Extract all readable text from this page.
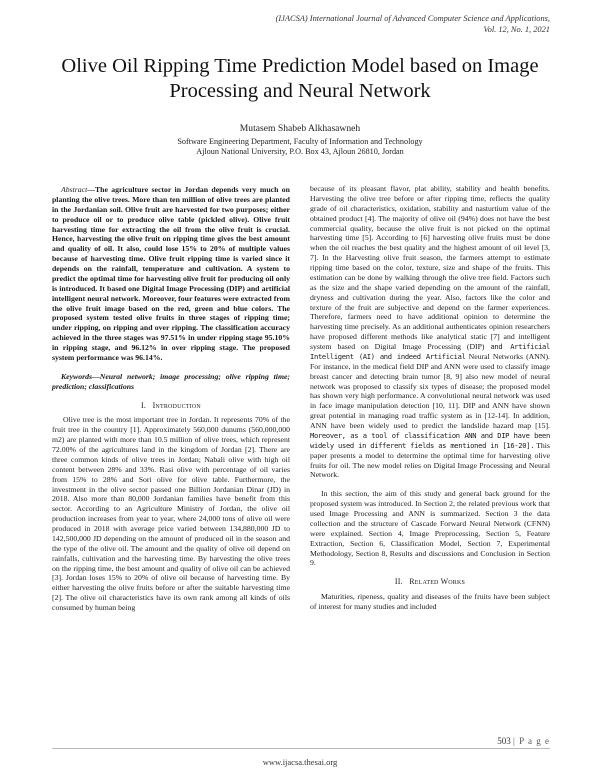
(IJACSA) International Journal of Advanced Computer Science and Applications,
Vol. 12, No. 1, 2021
Olive Oil Ripping Time Prediction Model based on Image Processing and Neural Network
Mutasem Shabeb Alkhasawneh
Software Engineering Department, Faculty of Information and Technology
Ajloun National University, P.O. Box 43, Ajloun 26810, Jordan

Abstract—The agriculture sector in Jordan depends very much on planting the olive trees. More than ten million of olive trees are planted in the Jordanian soil. Olive fruit are harvested for two purposes; either to produce oil or to produce olive table (pickled olive). Olive fruit harvesting time for extracting the oil from the olive fruit is crucial. Hence, harvesting the olive fruit on ripping time gives the best amount and quality of oil. It also, could lose 15% to 20% of multiple values because of harvesting time. Olive fruit ripping time is varied since it depends on the rainfall, temperature and cultivation. A system to predict the optimal time for harvesting olive fruit for producing oil only is introduced. It based one Digital Image Processing (DIP) and artificial intelligent neural network. Moreover, four features were extracted from the olive fruit image based on the red, green and blue colors. The proposed system tested olive fruits in three stages of ripping time; under ripping, on ripping and over ripping. The classification accuracy achieved in the three stages was 97.51% in under ripping stage 95.10% in ripping stage, and 96.12% in over ripping stage. The proposed system performance was 96.14%.

Keywords—Neural network; image processing; olive ripping time; prediction; classifications

I. Introduction

Olive tree is the most important tree in Jordan. It represents 70% of the fruit tree in the country [1]. Approximately 560,000 dunums (560,000,000 m2) are planted with more than 10.5 million of olive trees, which represent 72.00% of the agricultures land in the kingdom of Jordan [2]. There are three common kinds of olive trees in Jordan; Nabali olive with high oil content between 28% and 33%. Rasi olive with percentage of oil varies from 15% to 28% and Sori olive for olive table. Furthermore, the investment in the olive sector passed one Billion Jordanian Dinar (JD) in 2018. Also more than 80,000 Jordanian families have benefit from this sector. According to an Agriculture Ministry of Jordan, the olive oil production increases from year to year, where 24,000 tons of olive oil were produced in 2018 with average price varied between 134,880,000 JD to 142,500,000 JD depending on the amount of produced oil in the season and the type of the olive oil. The amount and the quality of olive oil depend on rainfalls, cultivation and the harvesting time. By harvesting the olive trees on the ripping time, the best amount and quality of olive oil can be achieved [3]. Jordan loses 15% to 20% of olive oil because of harvesting time. By either harvesting the olive fruits before or after the suitable harvesting time [2]. The olive oil characteristics have its own rank among all kinds of oils consumed by human being

because of its pleasant flavor, plat ability, stability and health benefits. Harvesting the olive tree before or after ripping time, reflects the quality grade of oil characteristics, oxidation, stability and nasturtium value of the obtained product [4]. The majority of olive oil (94%) does not have the best commercial quality, because the olive fruit is not picked on the optimal harvesting time [5]. According to [6] harvesting olive fruits must be done when the oil reaches the best quality and the highest amount of oil level [3, 7]. In the Harvesting olive fruit season, the farmers attempt to estimate ripping time based on the color, texture, size and shape of the fruits. This estimation can be done by walking through the olive tree field. Factors such as the size and the shape varied depending on the amount of the rainfall, dryness and cultivation during the year. Also, factors like the color and texture of the fruit are subjective and depend on the farmer experiences. Therefore, farmers need to have additional opinion to determine the harvesting time precisely. As an additional authenticates opinion researchers have proposed different methods like analytical static [7] and intelligent system based on Digital Image Processing (DIP) and Artificial Intelligent (AI) and indeed Artificial Neural Networks (ANN). For instance, in the medical field DIP and ANN were used to classify image breast cancer and detecting brain tumor [8, 9] also new model of neural network was proposed to classify six types of disease; the proposed model has shown very high performance. A convolutional neural network was used in face image manipulation detection [10, 11]. DIP and ANN have shown great potential in managing road traffic system as in [12-14]. In addition, ANN have been widely used to predict the landslide hazard map [15]. Moreover, as a tool of classification ANN and DIP have been widely used in different fields as mentioned in [16-20]. This paper presents a model to determine the optimal time for harvesting olive fruits for oil. The new model relies on Digital Image Processing and Neural Network.

In this section, the aim of this study and general back ground for the proposed system was introduced. In Section 2, the related previous work that used Image Processing and ANN is summarized. Section 3 the data collection and the structure of Cascade Forward Neural Network (CFNN) were explained. Section 4, Image Preprocessing, Section 5, Feature Extraction, Section 6, Classification Model, Section 7, Experimental Methodology, Section 8, Results and discussions and Conclusion in Section 9.

II. Related Works

Maturities, ripeness, quality and diseases of the fruits have been subject of interest for many studies and included

503 | P a g e
www.ijacsa.thesai.org
